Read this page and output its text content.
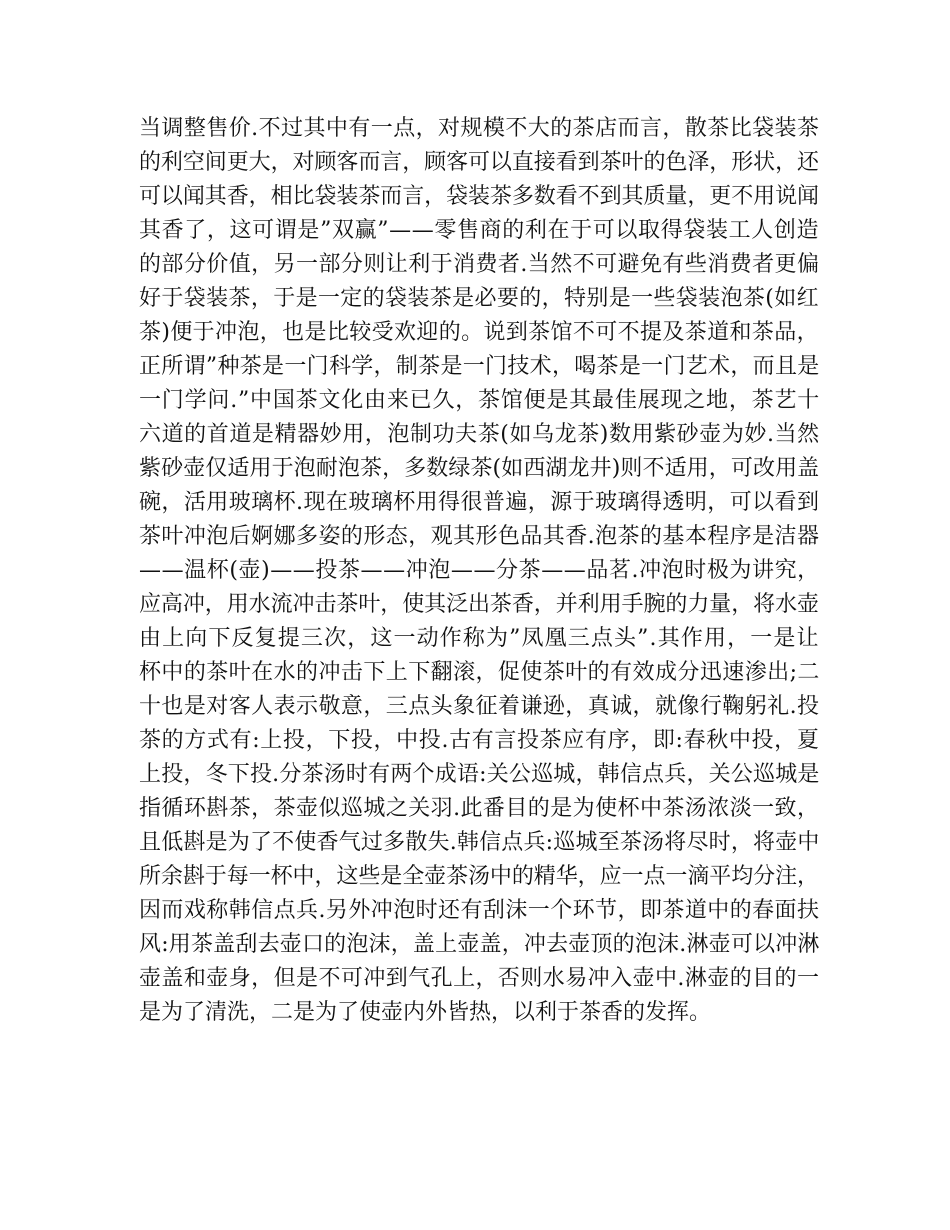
当调整售价.不过其中有一点，对规模不大的茶店而言，散茶比袋装茶
的利空间更大，对顾客而言，顾客可以直接看到茶叶的色泽，形状，还
可以闻其香，相比袋装茶而言，袋装茶多数看不到其质量，更不用说闻
其香了，这可谓是”双赢”——零售商的利在于可以取得袋装工人创造
的部分价值，另一部分则让利于消费者.当然不可避免有些消费者更偏
好于袋装茶，于是一定的袋装茶是必要的，特别是一些袋装泡茶(如红
茶)便于冲泡，也是比较受欢迎的。说到茶馆不可不提及茶道和茶品，
正所谓”种茶是一门科学，制茶是一门技术，喝茶是一门艺术，而且是
一门学问.”中国茶文化由来已久，茶馆便是其最佳展现之地，茶艺十
六道的首道是精器妙用，泡制功夫茶(如乌龙茶)数用紫砂壶为妙.当然
紫砂壶仅适用于泡耐泡茶，多数绿茶(如西湖龙井)则不适用，可改用盖
碗，活用玻璃杯.现在玻璃杯用得很普遍，源于玻璃得透明，可以看到
茶叶冲泡后婀娜多姿的形态，观其形色品其香.泡茶的基本程序是洁器
——温杯(壶)——投茶——冲泡——分茶——品茗.冲泡时极为讲究，
应高冲，用水流冲击茶叶，使其泛出茶香，并利用手腕的力量，将水壶
由上向下反复提三次，这一动作称为”凤凰三点头”.其作用，一是让
杯中的茶叶在水的冲击下上下翻滚，促使茶叶的有效成分迅速渗出;二
十也是对客人表示敬意，三点头象征着谦逊，真诚，就像行鞠躬礼.投
茶的方式有:上投，下投，中投.古有言投茶应有序，即:春秋中投，夏
上投，冬下投.分茶汤时有两个成语:关公巡城，韩信点兵，关公巡城是
指循环斟茶，茶壶似巡城之关羽.此番目的是为使杯中茶汤浓淡一致，
且低斟是为了不使香气过多散失.韩信点兵:巡城至茶汤将尽时，将壶中
所余斟于每一杯中，这些是全壶茶汤中的精华，应一点一滴平均分注，
因而戏称韩信点兵.另外冲泡时还有刮沫一个环节，即茶道中的春面扶
风:用茶盖刮去壶口的泡沫，盖上壶盖，冲去壶顶的泡沫.淋壶可以冲淋
壶盖和壶身，但是不可冲到气孔上，否则水易冲入壶中.淋壶的目的一
是为了清洗，二是为了使壶内外皆热，以利于茶香的发挥。
